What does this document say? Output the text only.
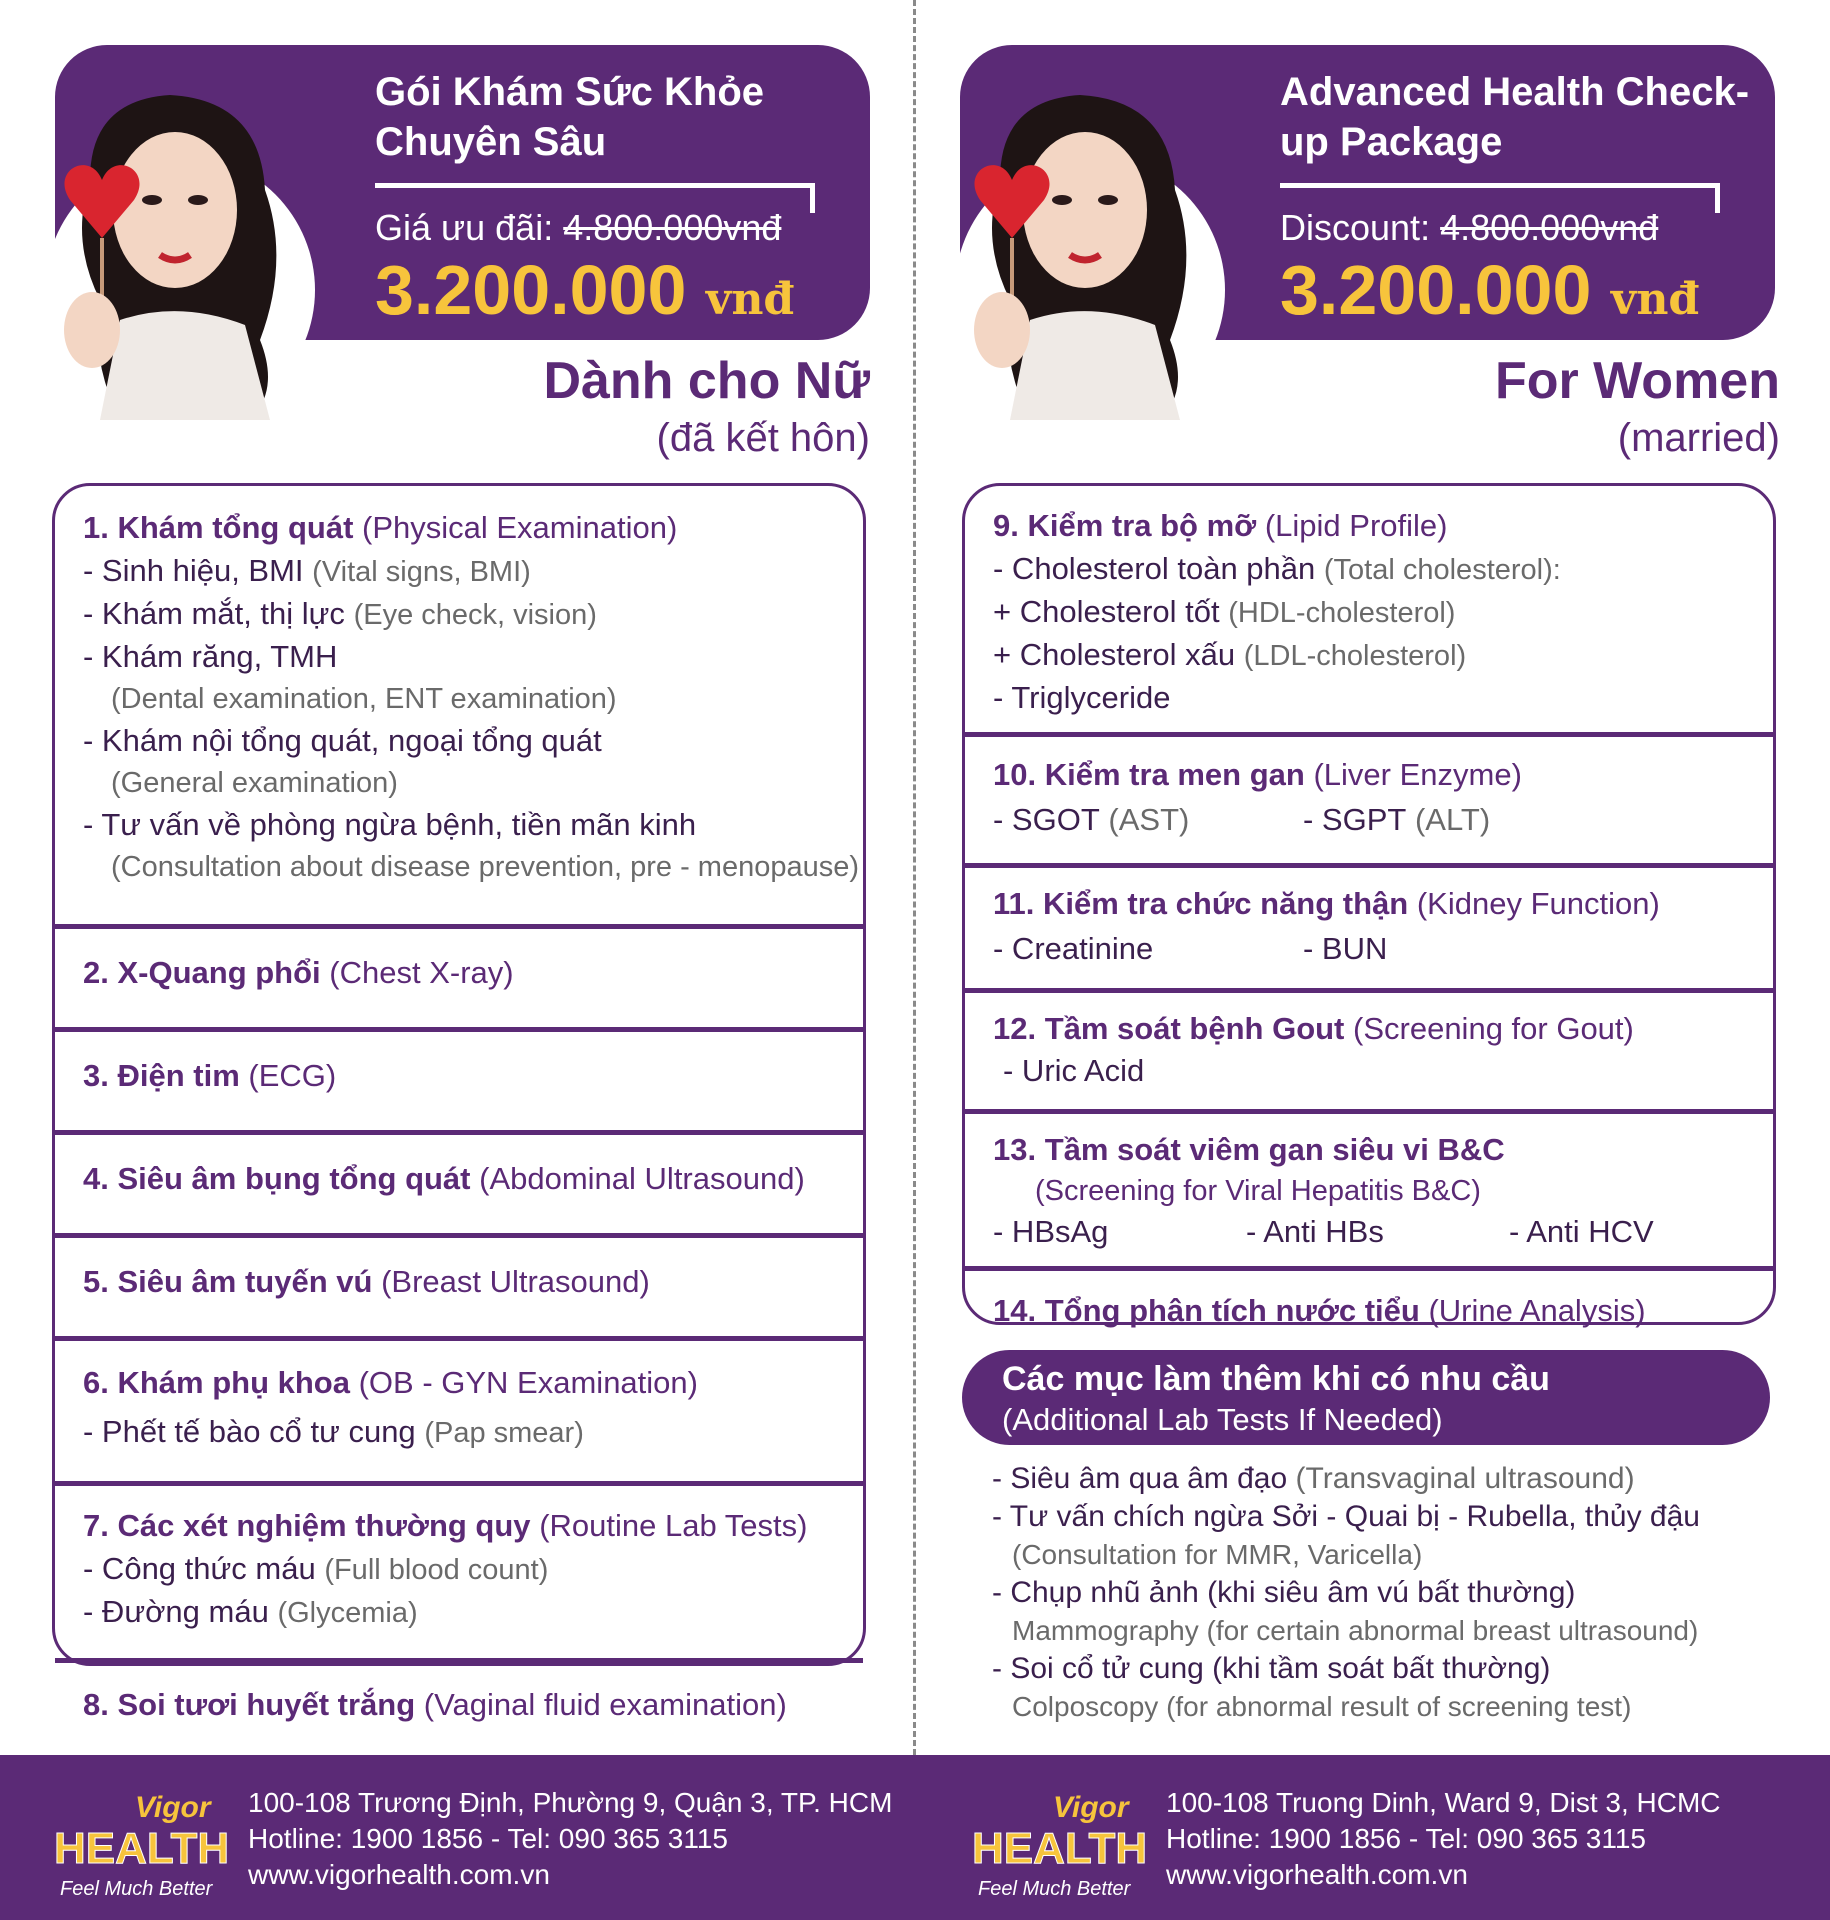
Gói Khám Sức Khỏe Chuyên Sâu
Giá ưu đãi: 4.800.000vnđ
3.200.000 vnđ
Dành cho Nữ
(đã kết hôn)
1. Khám tổng quát (Physical Examination)
- Sinh hiệu, BMI (Vital signs, BMI)
- Khám mắt, thị lực (Eye check, vision)
- Khám răng, TMH
(Dental examination, ENT examination)
- Khám nội tổng quát, ngoại tổng quát
(General examination)
- Tư vấn về phòng ngừa bệnh, tiền mãn kinh
(Consultation about disease prevention, pre - menopause)
2. X-Quang phổi (Chest X-ray)
3. Điện tim (ECG)
4. Siêu âm bụng tổng quát (Abdominal Ultrasound)
5. Siêu âm tuyến vú (Breast Ultrasound)
6. Khám phụ khoa (OB - GYN Examination)
- Phết tế bào cổ tư cung (Pap smear)
7. Các xét nghiệm thường quy (Routine Lab Tests)
- Công thức máu (Full blood count)
- Đường máu (Glycemia)
8. Soi tươi huyết trắng (Vaginal fluid examination)
Advanced Health Check-up Package
Discount: 4.800.000vnđ
3.200.000 vnđ
For Women
(married)
9. Kiểm tra bộ mỡ (Lipid Profile)
- Cholesterol toàn phần (Total cholesterol):
+ Cholesterol tốt (HDL-cholesterol)
+ Cholesterol xấu (LDL-cholesterol)
- Triglyceride
10. Kiểm tra men gan (Liver Enzyme)
- SGOT (AST)	- SGPT (ALT)
11. Kiểm tra chức năng thận (Kidney Function)
- Creatinine	- BUN
12. Tầm soát bệnh Gout (Screening for Gout)
- Uric Acid
13. Tầm soát viêm gan siêu vi B&C
(Screening for Viral Hepatitis B&C)
- HBsAg	- Anti HBs	- Anti HCV
14. Tổng phân tích nước tiểu (Urine Analysis)
Các mục làm thêm khi có nhu cầu
(Additional Lab Tests If Needed)
- Siêu âm qua âm đạo (Transvaginal ultrasound)
- Tư vấn chích ngừa Sởi - Quai bị - Rubella, thủy đậu
(Consultation for MMR, Varicella)
- Chụp nhũ ảnh (khi siêu âm vú bất thường)
Mammography (for certain abnormal breast ultrasound)
- Soi cổ tử cung (khi tầm soát bất thường)
Colposcopy (for abnormal result of screening test)
Vigor
HEALTH
Feel Much Better
100-108 Trương Định, Phường 9, Quận 3, TP. HCM
Hotline: 1900 1856 - Tel: 090 365 3115
www.vigorhealth.com.vn
Vigor
HEALTH
Feel Much Better
100-108 Truong Dinh, Ward 9, Dist 3, HCMC
Hotline: 1900 1856 - Tel: 090 365 3115
www.vigorhealth.com.vn
